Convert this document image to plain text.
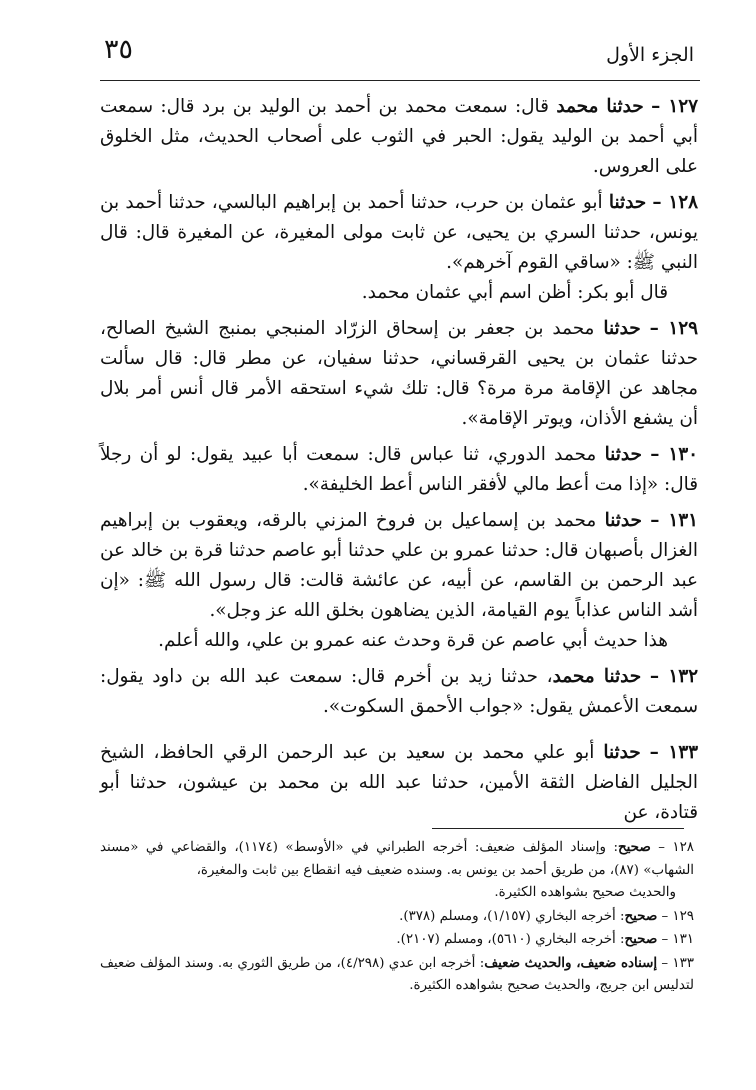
٣٥	الجزء الأول

١٢٧ – حدثنا محمد قال: سمعت محمد بن أحمد بن الوليد بن برد قال: سمعت أبي أحمد بن الوليد يقول: الحبر في الثوب على أصحاب الحديث، مثل الخلوق على العروس.

١٢٨ – حدثنا أبو عثمان بن حرب، حدثنا أحمد بن إبراهيم البالسي، حدثنا أحمد بن يونس، حدثنا السري بن يحيى، عن ثابت مولى المغيرة، عن المغيرة قال: قال النبي ﷺ: «ساقي القوم آخرهم».

قال أبو بكر: أظن اسم أبي عثمان محمد.

١٢٩ – حدثنا محمد بن جعفر بن إسحاق الزرّاد المنبجي بمنبج الشيخ الصالح، حدثنا عثمان بن يحيى القرقساني، حدثنا سفيان، عن مطر قال: قال سألت مجاهد عن الإقامة مرة مرة؟ قال: تلك شيء استحقه الأمر قال أنس أمر بلال أن يشفع الأذان، ويوتر الإقامة».

١٣٠ – حدثنا محمد الدوري، ثنا عباس قال: سمعت أبا عبيد يقول: لو أن رجلاً قال: «إذا مت أعط مالي لأفقر الناس أعط الخليفة».

١٣١ – حدثنا محمد بن إسماعيل بن فروخ المزني بالرقه، ويعقوب بن إبراهيم الغزال بأصبهان قال: حدثنا عمرو بن علي حدثنا أبو عاصم حدثنا قرة بن خالد عن عبد الرحمن بن القاسم، عن أبيه، عن عائشة قالت: قال رسول الله ﷺ: «إن أشد الناس عذاباً يوم القيامة، الذين يضاهون بخلق الله عز وجل».

هذا حديث أبي عاصم عن قرة وحدث عنه عمرو بن علي، والله أعلم.

١٣٢ – حدثنا محمد، حدثنا زيد بن أخرم قال: سمعت عبد الله بن داود يقول: سمعت الأعمش يقول: «جواب الأحمق السكوت».

١٣٣ – حدثنا أبو علي محمد بن سعيد بن عبد الرحمن الرقي الحافظ، الشيخ الجليل الفاضل الثقة الأمين، حدثنا عبد الله بن محمد بن عيشون، حدثنا أبو قتادة، عن

١٢٨ – صحيح: وإسناد المؤلف ضعيف: أخرجه الطبراني في «الأوسط» (١١٧٤)، والقضاعي في «مسند الشهاب» (٨٧)، من طريق أحمد بن يونس به. وسنده ضعيف فيه انقطاع بين ثابت والمغيرة،

والحديث صحيح بشواهده الكثيرة.

١٢٩ – صحيح: أخرجه البخاري (١/١٥٧)، ومسلم (٣٧٨).

١٣١ – صحيح: أخرجه البخاري (٥٦١٠)، ومسلم (٢١٠٧).

١٣٣ – إسناده ضعيف، والحديث ضعيف: أخرجه ابن عدي (٤/٢٩٨)، من طريق الثوري به. وسند المؤلف ضعيف لتدليس ابن جريج، والحديث صحيح بشواهده الكثيرة.
